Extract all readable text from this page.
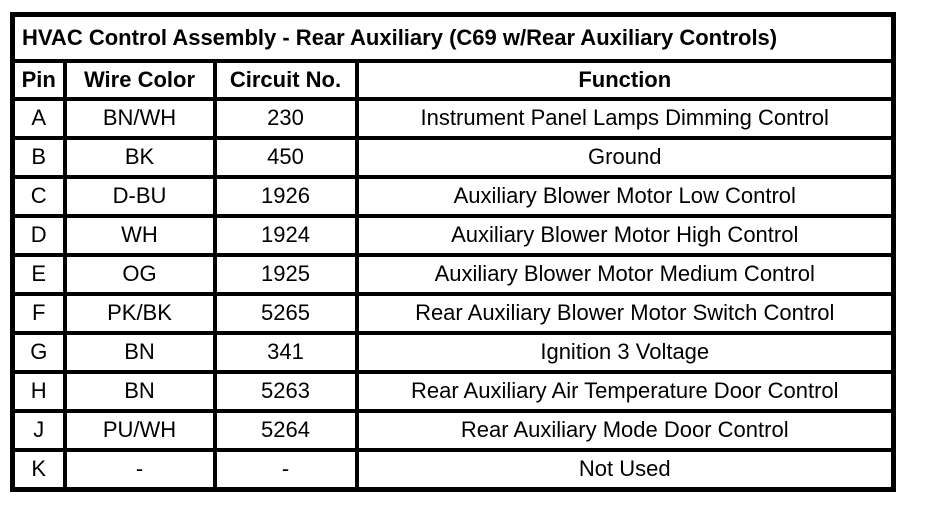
HVAC Control Assembly - Rear Auxiliary (C69 w/Rear Auxiliary Controls)			
Pin	Wire Color	Circuit No.	Function
A	BN/WH	230	Instrument Panel Lamps Dimming Control
B	BK	450	Ground
C	D-BU	1926	Auxiliary Blower Motor Low Control
D	WH	1924	Auxiliary Blower Motor High Control
E	OG	1925	Auxiliary Blower Motor Medium Control
F	PK/BK	5265	Rear Auxiliary Blower Motor Switch Control
G	BN	341	Ignition 3 Voltage
H	BN	5263	Rear Auxiliary Air Temperature Door Control
J	PU/WH	5264	Rear Auxiliary Mode Door Control
K	-	-	Not Used
